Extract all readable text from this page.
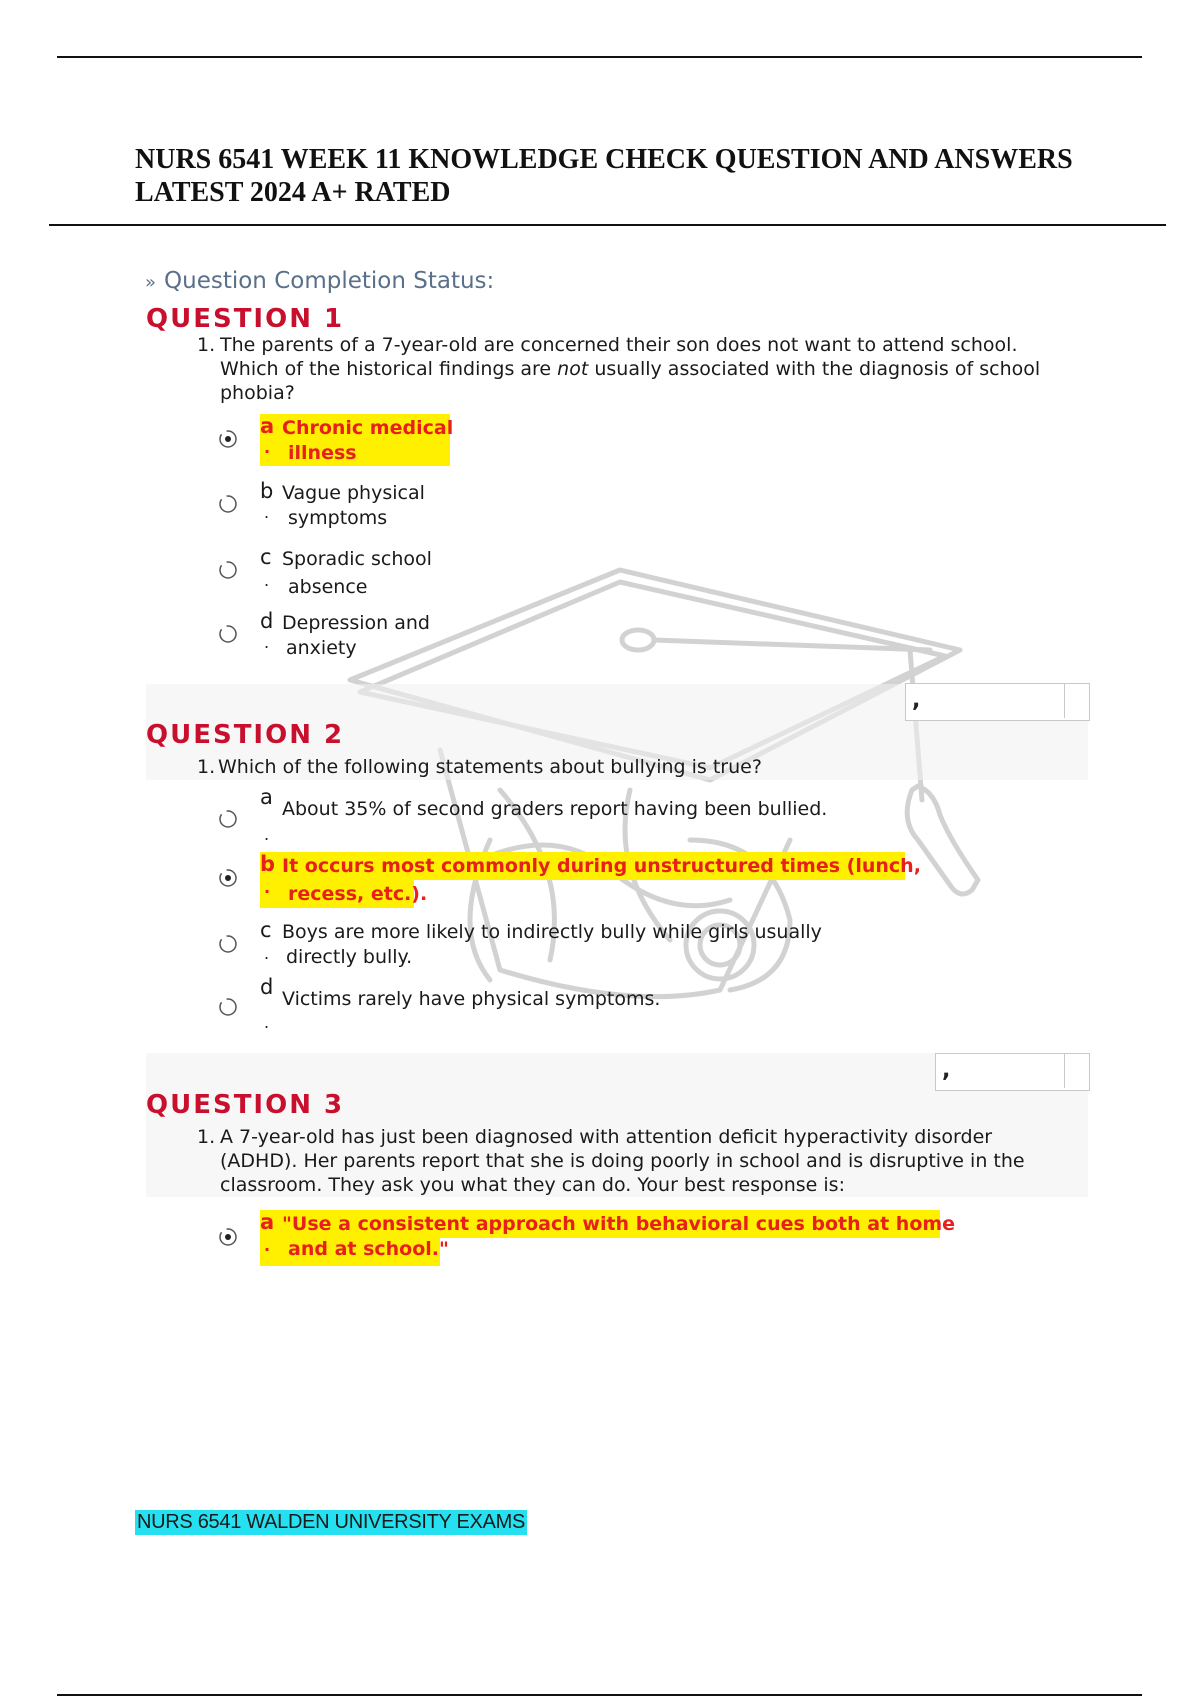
NURS 6541 WEEK 11 KNOWLEDGE CHECK QUESTION AND ANSWERS LATEST 2024 A+ RATED
» Question Completion Status:
QUESTION 1
1. The parents of a 7-year-old are concerned their son does not want to attend school. Which of the historical findings are not usually associated with the diagnosis of school phobia?
a
.
Chronic medical
illness
b
.
Vague physical
symptoms
c
.
Sporadic school
absence
d
.
Depression and
anxiety
,
QUESTION 2
1. Which of the following statements about bullying is true?
a
.
About 35% of second graders report having been bullied.
b
.
It occurs most commonly during unstructured times (lunch,
recess, etc.).
c
.
Boys are more likely to indirectly bully while girls usually
directly bully.
d
.
Victims rarely have physical symptoms.
,
QUESTION 3
1. A 7-year-old has just been diagnosed with attention deficit hyperactivity disorder (ADHD). Her parents report that she is doing poorly in school and is disruptive in the classroom. They ask you what they can do. Your best response is:
a
.
"Use a consistent approach with behavioral cues both at home
and at school."
NURS 6541 WALDEN UNIVERSITY EXAMS
